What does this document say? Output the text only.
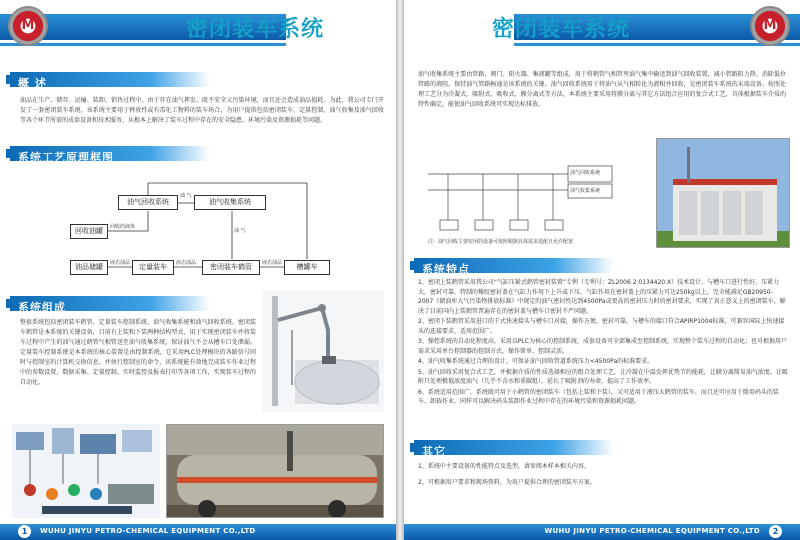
M
密闭装车系统
概 述
油品在生产、储存、运输、装卸、销售过程中，由于存在油气挥发，既不安全又污染环境，而且还会造成油品损耗。为此，我公司专门开发了一套密闭装车系统。该系统主要用于释放性或有毒化工物料的装车场合，为用户提供包括密闭装车、定量控制、油气收集及油气回收等各个环节所需的成套设备和技术服务，从根本上解决了装车过程中存在的安全隐患、环境污染及资源损耗等问题。
系统工艺原理框图
油气回收系统	油气收集系统
回收油罐
油品储罐	定量装车	密闭装车鹤管	槽罐车
油 气
油 气
回收的液体
液态油品	液态油品	液态油品
系统组成
整套系统包括密闭装车鹤管、定量装车控制系统、油气收集系统和油气回收系统。密闭装车鹤管是本系统的关键设备，目前有上装和下装两种结构型式，用于实现密闭装车并将装车过程中产生的油气通过鹤管气相管送至油气收集系统，保证油气不会从槽车口处泄漏。定量装车控制系统是本系统的核心装置是由控制系统，它采用PLC处理模块的各路信号同时与控制室的计算机交换信息，并执行控制室的命令，该系统能有效地完成装车作业过程中的参数设置、数据采集、定量控制、实时监控及报表打印等各项工作，实现装车过程的自动化。
1	WUHU JINYU PETRO-CHEMICAL EQUIPMENT CO.,LTD
M
密闭装车系统
油气收集系统主要由管路、阀门、阻火器、集液罐等组成，用于将鹤管气相管里油气集中输送到油气回收装置，减小管路阻力降，消除低位管路的液阻，保持油气管路畅通是该系统的关键。油气回收系统用于将油气从气相转化为液相并回收，是密闭装车系统的末端设备。按照处理工艺分为冷凝式、吸附式、吸收式、膜分离式等方法，本系统主要采用将膜分离与其它方法组合应用的复合式工艺，具体根据装车介质的特性确定。能使油气回收系统可实现达标排放。
油气回收系统
油气收集系统
注：油气回收主要密闭的设备可按照根据具体需求选配且允许配置
系统特点
1、密闭上装鹤管采用我公司“气缸压紧式鹤管密封装置”专利（专利号：ZL2006 2 0134420.X）技术设计，与槽车口进行性好，压紧力大，密封可靠。特制的橡胶密封盖在气缸力作用下上升或下压，气缸作用在密封盖上的压紧力可达250kg以上，完全能满足GB20950-2007《储油库大气污染物排放标准》中规定的油气密封性达到4500Pa或更高的密封压力时的密封要求，实现了真正意义上的密闭装车。解决了目前国内上装鹤管普遍存在的密封盖与槽车口密封不严问题。
2、密闭下装鹤管采用进口的干式快速接头与槽车口对接，操作方便，密封可靠。与槽车的接口符合APIRP1004标准，可兼容国际上快速接头的连接要求，适用范围广。
3、操控系统的自动化程度高，采用以PLC为核心的控制系统，成套设备可全部集成至控制系统，实现整个装车过程的自动化；也可根据用户需求采用单台控制器的控制方式，操作简单，控制灵活。
4、油气收集系统通过合理的设计，可保证油气回收管道系统压力<4500Pa的标准要求。
5、油气回收采用复合式工艺，并根据介质的性质选择相应的组合处理工艺，让冷凝在中温发挥优势节约能耗，让膜分离简易油气浓度。让吸附只处理极低浓度油气（几乎不含水和重碳组），延长了吸附剂的寿命，提高了工作效率。
6、系统适用范围广，系统既可用于小鹤管的密闭装车（包括上装和下装），又可适用于液压大鹤管的装车，而且还可应用于船用码头的装车、卸载作业，同样可以解决码头装卸作业过程中存在的环境污染和资源损耗问题。
其它
1、系统中主要设备的性能特点及选型，请参阅本样本相关内容。
2、可根据用户要求和现场资料，为用户提供合理的密闭装车方案。
WUHU JINYU PETRO-CHEMICAL EQUIPMENT CO.,LTD	2
